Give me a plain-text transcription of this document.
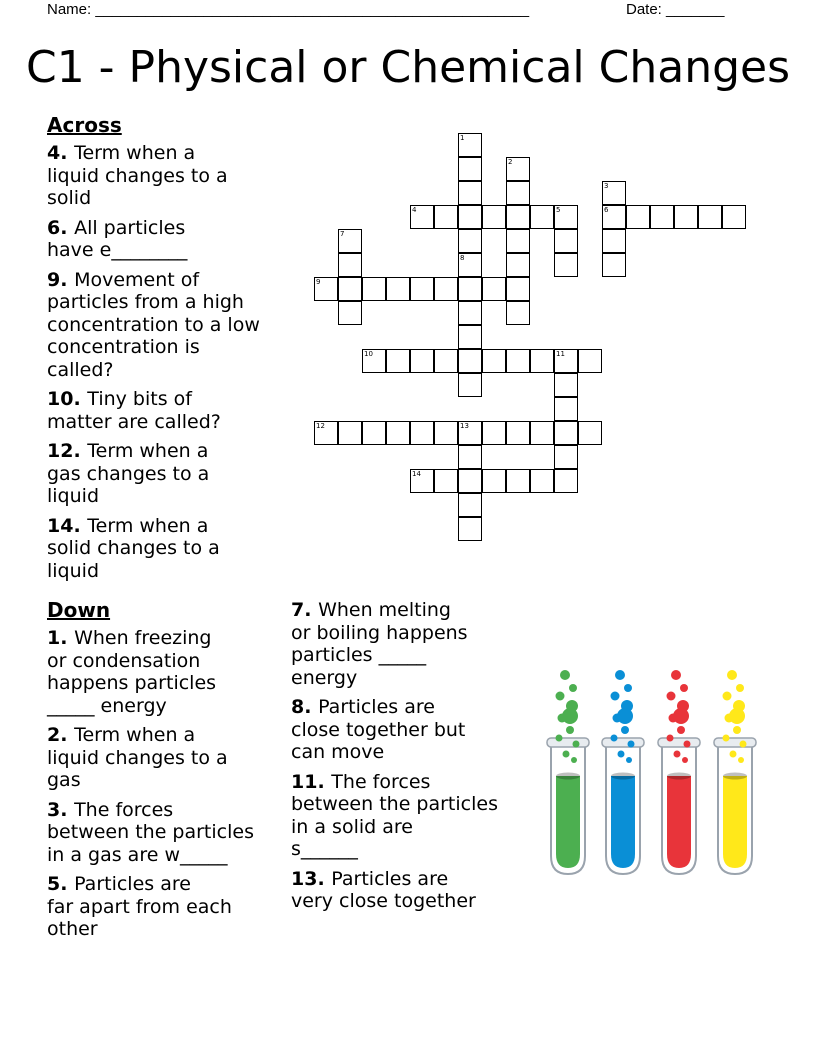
Name: ____________________________________________________	Date: _______
C1 - Physical or Chemical Changes
Across
4. Term when a
liquid changes to a
solid
6. All particles
have e________
9. Movement of
particles from a high
concentration to a low
concentration is
called?
10. Tiny bits of
matter are called?
12. Term when a
gas changes to a
liquid
14. Term when a
solid changes to a
liquid
Down
1. When freezing
or condensation
happens particles
_____ energy
2. Term when a
liquid changes to a
gas
3. The forces
between the particles
in a gas are w_____
5. Particles are
far apart from each
other
7. When melting
or boiling happens
particles _____
energy
8. Particles are
close together but
can move
11. The forces
between the particles
in a solid are
s______
13. Particles are
very close together
1
2
3
6
4	5
7
8
9
10	11
12	13
14
